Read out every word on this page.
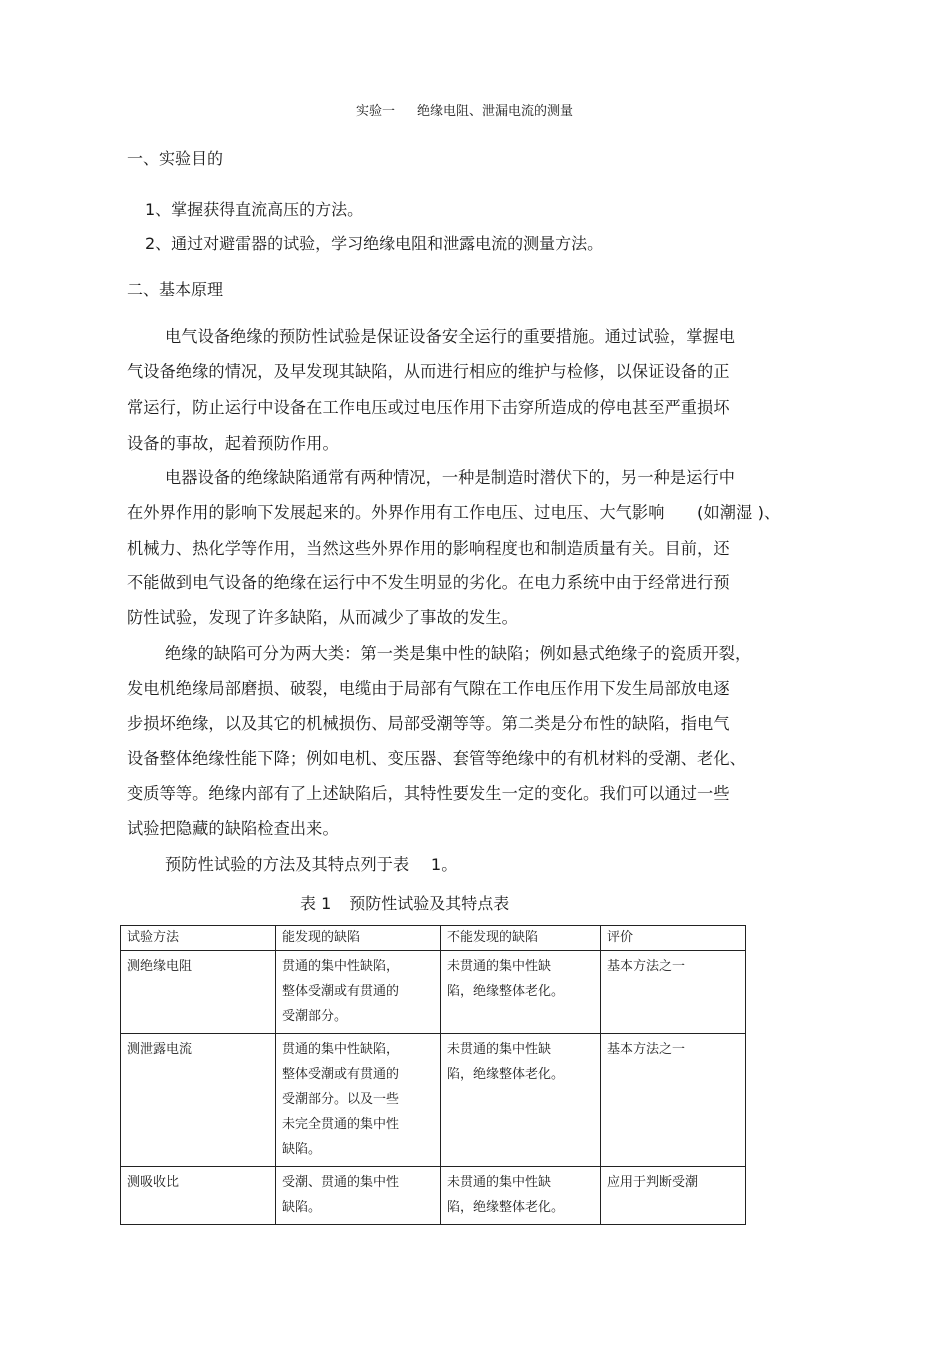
实验一 绝缘电阻、泄漏电流的测量
一、实验目的
1、掌握获得直流高压的方法。
2、通过对避雷器的试验，学习绝缘电阻和泄露电流的测量方法。
二、基本原理
电气设备绝缘的预防性试验是保证设备安全运行的重要措施。通过试验，掌握电
气设备绝缘的情况，及早发现其缺陷，从而进行相应的维护与检修，以保证设备的正
常运行，防止运行中设备在工作电压或过电压作用下击穿所造成的停电甚至严重损坏
设备的事故，起着预防作用。
电器设备的绝缘缺陷通常有两种情况，一种是制造时潜伏下的，另一种是运行中
在外界作用的影响下发展起来的。外界作用有工作电压、过电压、大气影响　　(如潮湿 )、
机械力、热化学等作用，当然这些外界作用的影响程度也和制造质量有关。目前，还
不能做到电气设备的绝缘在运行中不发生明显的劣化。在电力系统中由于经常进行预
防性试验，发现了许多缺陷，从而减少了事故的发生。
绝缘的缺陷可分为两大类：第一类是集中性的缺陷；例如悬式绝缘子的瓷质开裂，
发电机绝缘局部磨损、破裂，电缆由于局部有气隙在工作电压作用下发生局部放电逐
步损坏绝缘，以及其它的机械损伤、局部受潮等等。第二类是分布性的缺陷，指电气
设备整体绝缘性能下降；例如电机、变压器、套管等绝缘中的有机材料的受潮、老化、
变质等等。绝缘内部有了上述缺陷后，其特性要发生一定的变化。我们可以通过一些
试验把隐藏的缺陷检查出来。
预防性试验的方法及其特点列于表　 1。
表 1 预防性试验及其特点表
试验方法	能发现的缺陷	不能发现的缺陷	评价
测绝缘电阻	贯通的集中性缺陷，
整体受潮或有贯通的
受潮部分。	未贯通的集中性缺
陷，绝缘整体老化。	基本方法之一
测泄露电流	贯通的集中性缺陷，
整体受潮或有贯通的
受潮部分。以及一些
未完全贯通的集中性
缺陷。	未贯通的集中性缺
陷，绝缘整体老化。	基本方法之一
测吸收比	受潮、贯通的集中性
缺陷。	未贯通的集中性缺
陷，绝缘整体老化。	应用于判断受潮
